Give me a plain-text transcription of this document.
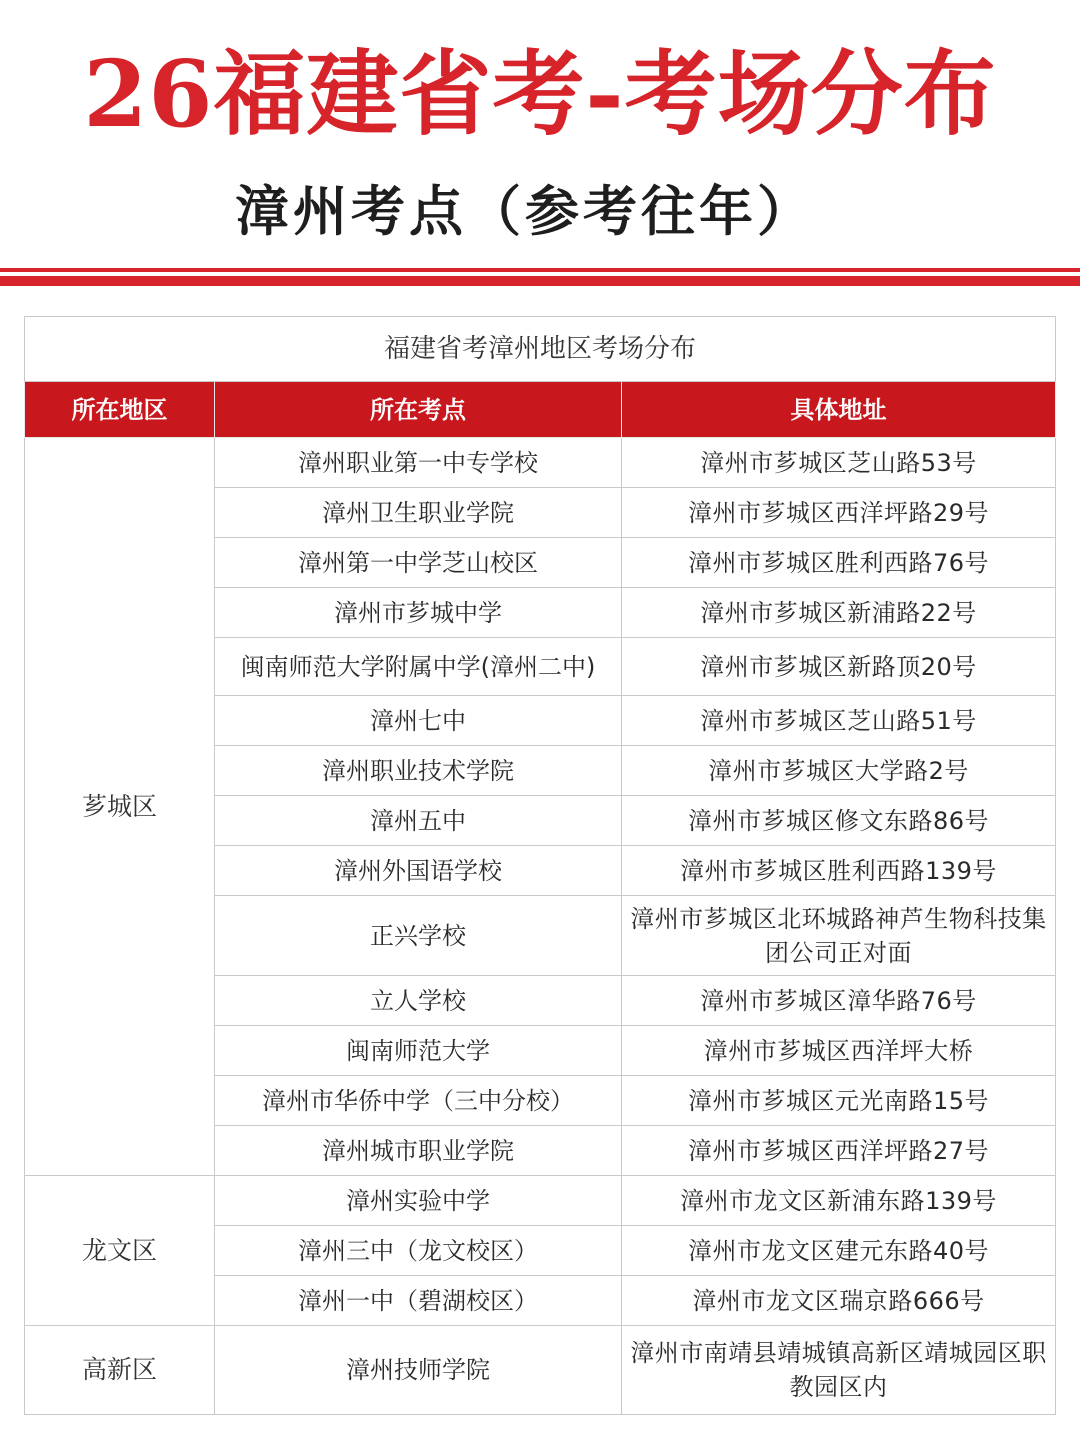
26福建省考-考场分布
漳州考点（参考往年）
福建省考漳州地区考场分布		
所在地区	所在考点	具体地址
芗城区	漳州职业第一中专学校	漳州市芗城区芝山路53号
	漳州卫生职业学院	漳州市芗城区西洋坪路29号
	漳州第一中学芝山校区	漳州市芗城区胜利西路76号
	漳州市芗城中学	漳州市芗城区新浦路22号
	闽南师范大学附属中学(漳州二中)	漳州市芗城区新路顶20号
	漳州七中	漳州市芗城区芝山路51号
	漳州职业技术学院	漳州市芗城区大学路2号
	漳州五中	漳州市芗城区修文东路86号
	漳州外国语学校	漳州市芗城区胜利西路139号
	正兴学校	漳州市芗城区北环城路神芦生物科技集团公司正对面
	立人学校	漳州市芗城区漳华路76号
	闽南师范大学	漳州市芗城区西洋坪大桥
	漳州市华侨中学（三中分校）	漳州市芗城区元光南路15号
	漳州城市职业学院	漳州市芗城区西洋坪路27号
龙文区	漳州实验中学	漳州市龙文区新浦东路139号
	漳州三中（龙文校区）	漳州市龙文区建元东路40号
	漳州一中（碧湖校区）	漳州市龙文区瑞京路666号
高新区	漳州技师学院	漳州市南靖县靖城镇高新区靖城园区职教园区内
